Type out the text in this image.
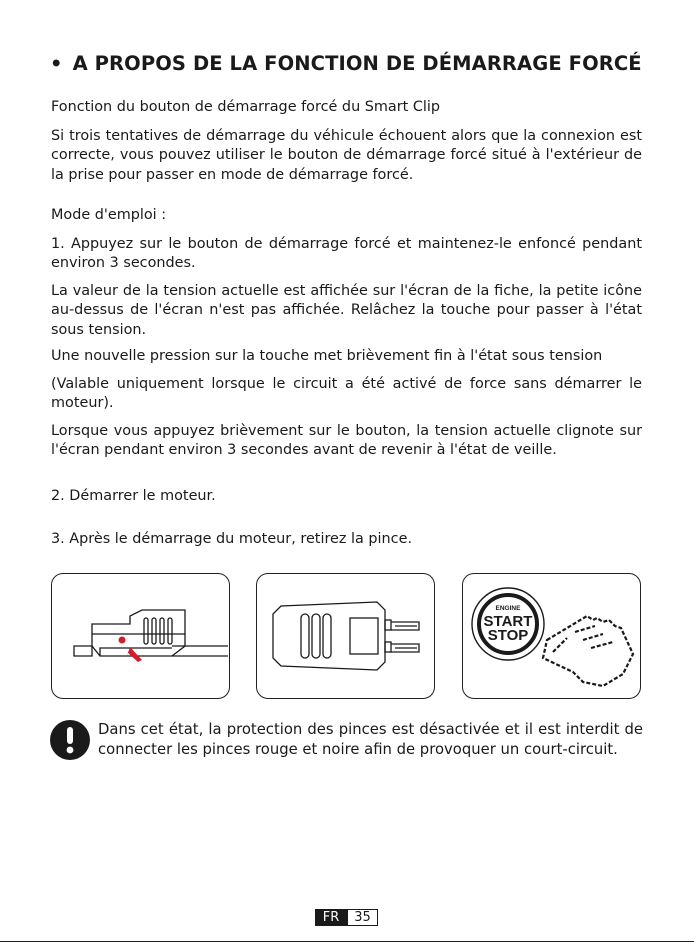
• A PROPOS DE LA FONCTION DE DÉMARRAGE FORCÉ
Fonction du bouton de démarrage forcé du Smart Clip
Si trois tentatives de démarrage du véhicule échouent alors que la connexion est correcte, vous pouvez utiliser le bouton de démarrage forcé situé à l'extérieur de la prise pour passer en mode de démarrage forcé.
Mode d'emploi :
1. Appuyez sur le bouton de démarrage forcé et maintenez-le enfoncé pendant environ 3 secondes.
La valeur de la tension actuelle est affichée sur l'écran de la fiche, la petite icône au-dessus de l'écran n'est pas affichée. Relâchez la touche pour passer à l'état sous tension.
Une nouvelle pression sur la touche met brièvement fin à l'état sous tension
(Valable uniquement lorsque le circuit a été activé de force sans démarrer le moteur).
Lorsque vous appuyez brièvement sur le bouton, la tension actuelle clignote sur l'écran pendant environ 3 secondes avant de revenir à l'état de veille.
2. Démarrer le moteur.
3. Après le démarrage du moteur, retirez la pince.
ENGINE
START
STOP
Dans cet état, la protection des pinces est désactivée et il est interdit de connecter les pinces rouge et noire afin de provoquer un court-circuit.
FR	35
